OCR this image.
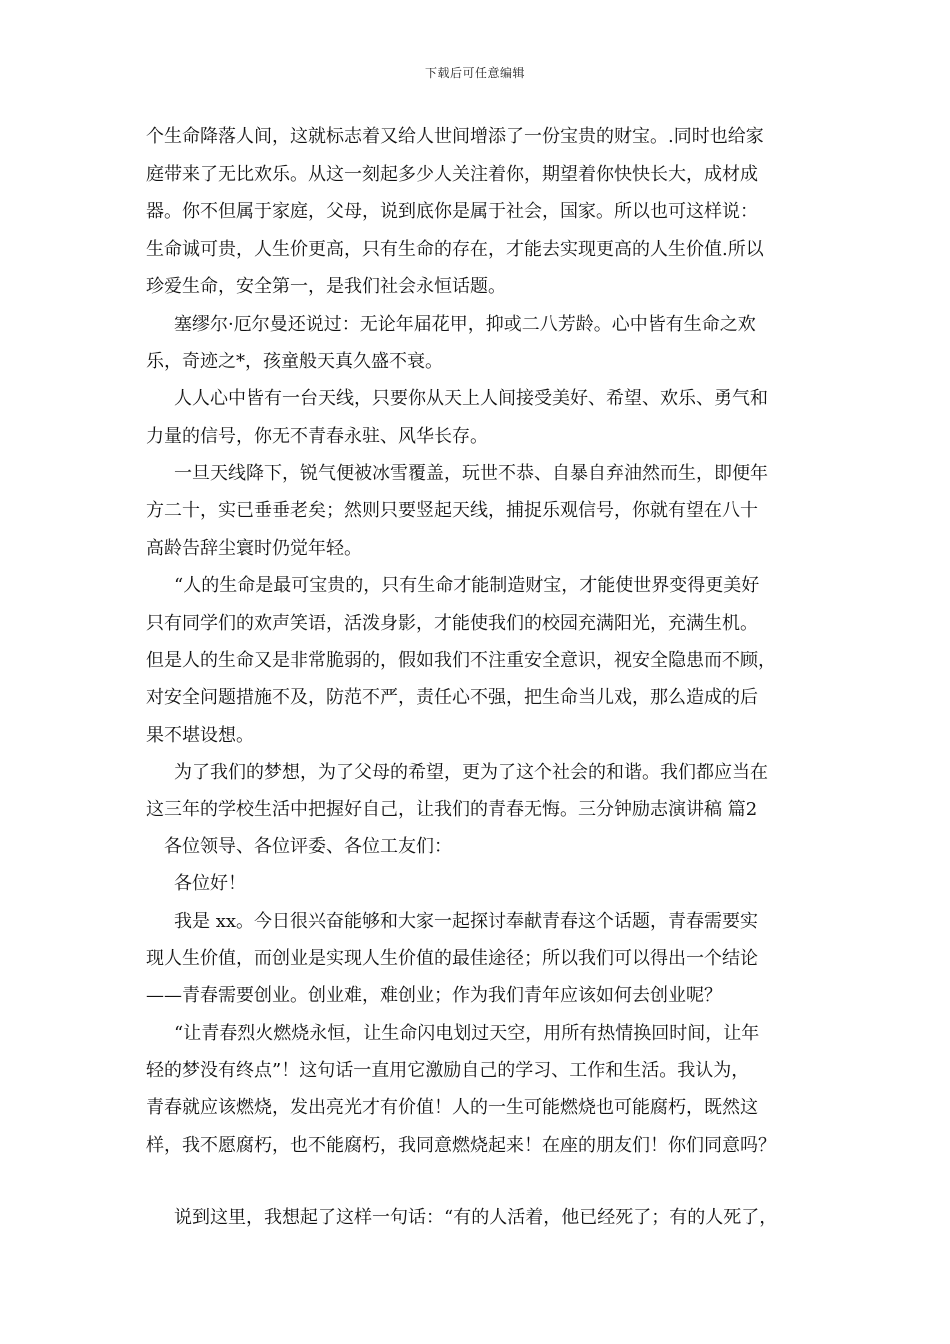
下载后可任意编辑
个生命降落人间，这就标志着又给人世间增添了一份宝贵的财宝。.同时也给家
庭带来了无比欢乐。从这一刻起多少人关注着你，期望着你快快长大，成材成
器。你不但属于家庭，父母，说到底你是属于社会，国家。所以也可这样说：
生命诚可贵，人生价更高，只有生命的存在，才能去实现更高的人生价值.所以
珍爱生命，安全第一，是我们社会永恒话题。
塞缪尔·厄尔曼还说过：无论年届花甲，抑或二八芳龄。心中皆有生命之欢
乐，奇迹之*，孩童般天真久盛不衰。
人人心中皆有一台天线，只要你从天上人间接受美好、希望、欢乐、勇气和
力量的信号，你无不青春永驻、风华长存。
一旦天线降下，锐气便被冰雪覆盖，玩世不恭、自暴自弃油然而生，即便年
方二十，实已垂垂老矣；然则只要竖起天线，捕捉乐观信号，你就有望在八十
高龄告辞尘寰时仍觉年轻。
“人的生命是最可宝贵的，只有生命才能制造财宝，才能使世界变得更美好
只有同学们的欢声笑语，活泼身影，才能使我们的校园充满阳光，充满生机。
但是人的生命又是非常脆弱的，假如我们不注重安全意识，视安全隐患而不顾，
对安全问题措施不及，防范不严，责任心不强，把生命当儿戏，那么造成的后
果不堪设想。
为了我们的梦想，为了父母的希望，更为了这个社会的和谐。我们都应当在
这三年的学校生活中把握好自己，让我们的青春无悔。三分钟励志演讲稿 篇2
各位领导、各位评委、各位工友们：
各位好！
我是 xx。今日很兴奋能够和大家一起探讨奉献青春这个话题，青春需要实
现人生价值，而创业是实现人生价值的最佳途径；所以我们可以得出一个结论
——青春需要创业。创业难，难创业；作为我们青年应该如何去创业呢？
“让青春烈火燃烧永恒，让生命闪电划过天空，用所有热情换回时间，让年
轻的梦没有终点”！这句话一直用它激励自己的学习、工作和生活。我认为，
青春就应该燃烧，发出亮光才有价值！人的一生可能燃烧也可能腐朽，既然这
样，我不愿腐朽，也不能腐朽，我同意燃烧起来！在座的朋友们！你们同意吗？
说到这里，我想起了这样一句话：“有的人活着，他已经死了；有的人死了，
